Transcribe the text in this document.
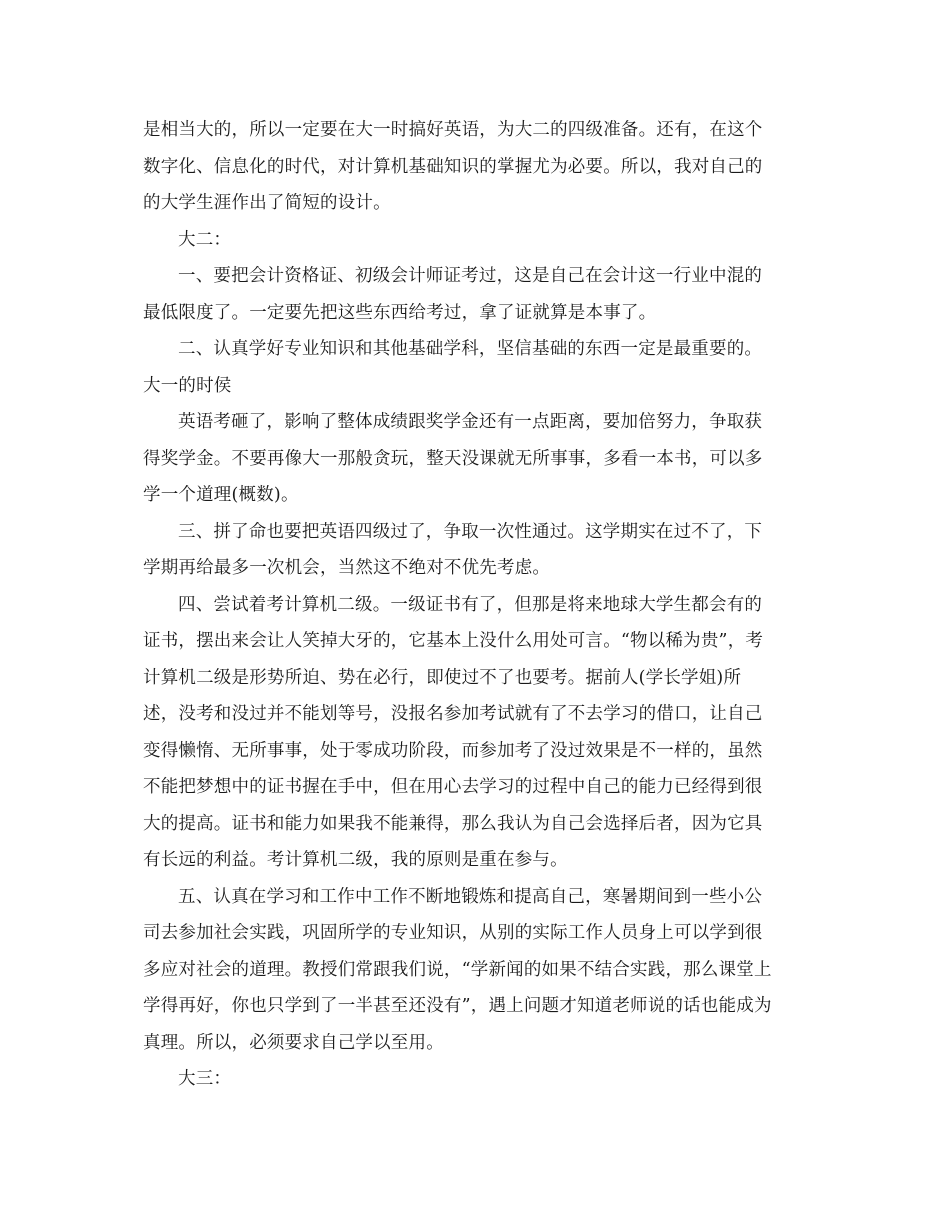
是相当大的，所以一定要在大一时搞好英语，为大二的四级准备。还有，在这个
数字化、信息化的时代，对计算机基础知识的掌握尤为必要。所以，我对自己的
的大学生涯作出了简短的设计。
大二：
一、要把会计资格证、初级会计师证考过，这是自己在会计这一行业中混的
最低限度了。一定要先把这些东西给考过，拿了证就算是本事了。
二、认真学好专业知识和其他基础学科，坚信基础的东西一定是最重要的。
大一的时侯
英语考砸了，影响了整体成绩跟奖学金还有一点距离，要加倍努力，争取获
得奖学金。不要再像大一那般贪玩，整天没课就无所事事，多看一本书，可以多
学一个道理(概数)。
三、拼了命也要把英语四级过了，争取一次性通过。这学期实在过不了，下
学期再给最多一次机会，当然这不绝对不优先考虑。
四、尝试着考计算机二级。一级证书有了，但那是将来地球大学生都会有的
证书，摆出来会让人笑掉大牙的，它基本上没什么用处可言。“物以稀为贵”，考
计算机二级是形势所迫、势在必行，即使过不了也要考。据前人(学长学姐)所
述，没考和没过并不能划等号，没报名参加考试就有了不去学习的借口，让自己
变得懒惰、无所事事，处于零成功阶段，而参加考了没过效果是不一样的，虽然
不能把梦想中的证书握在手中，但在用心去学习的过程中自己的能力已经得到很
大的提高。证书和能力如果我不能兼得，那么我认为自己会选择后者，因为它具
有长远的利益。考计算机二级，我的原则是重在参与。
五、认真在学习和工作中工作不断地锻炼和提高自己，寒暑期间到一些小公
司去参加社会实践，巩固所学的专业知识，从别的实际工作人员身上可以学到很
多应对社会的道理。教授们常跟我们说，“学新闻的如果不结合实践，那么课堂上
学得再好，你也只学到了一半甚至还没有”，遇上问题才知道老师说的话也能成为
真理。所以，必须要求自己学以至用。
大三：
